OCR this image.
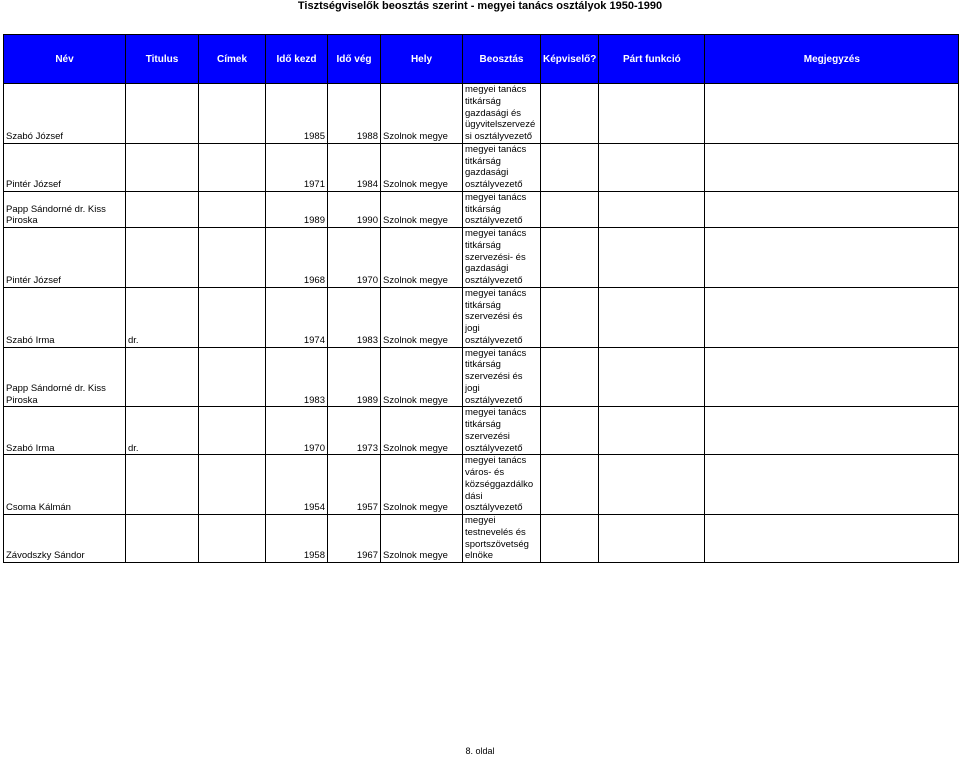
Tisztségviselők beosztás szerint - megyei tanács osztályok 1950-1990
Név	Titulus	Címek	Idő kezd	Idő vég	Hely	Beosztás	Képviselő?	Párt funkció	Megjegyzés
Szabó József			1985	1988	Szolnok megye	megyei tanács titkárság gazdasági és ügyvitelszervezési osztályvezető			
Pintér József			1971	1984	Szolnok megye	megyei tanács titkárság gazdasági osztályvezető			
Papp Sándorné dr. Kiss Piroska			1989	1990	Szolnok megye	megyei tanács titkárság osztályvezető			
Pintér József			1968	1970	Szolnok megye	megyei tanács titkárság szervezési- és gazdasági osztályvezető			
Szabó Irma	dr.		1974	1983	Szolnok megye	megyei tanács titkárság szervezési és jogi osztályvezető			
Papp Sándorné dr. Kiss Piroska			1983	1989	Szolnok megye	megyei tanács titkárság szervezési és jogi osztályvezető			
Szabó Irma	dr.		1970	1973	Szolnok megye	megyei tanács titkárság szervezési osztályvezető			
Csoma Kálmán			1954	1957	Szolnok megye	megyei tanács város- és községgazdálkodási osztályvezető			
Závodszky Sándor			1958	1967	Szolnok megye	megyei testnevelés és sportszövetség elnöke			
8. oldal
